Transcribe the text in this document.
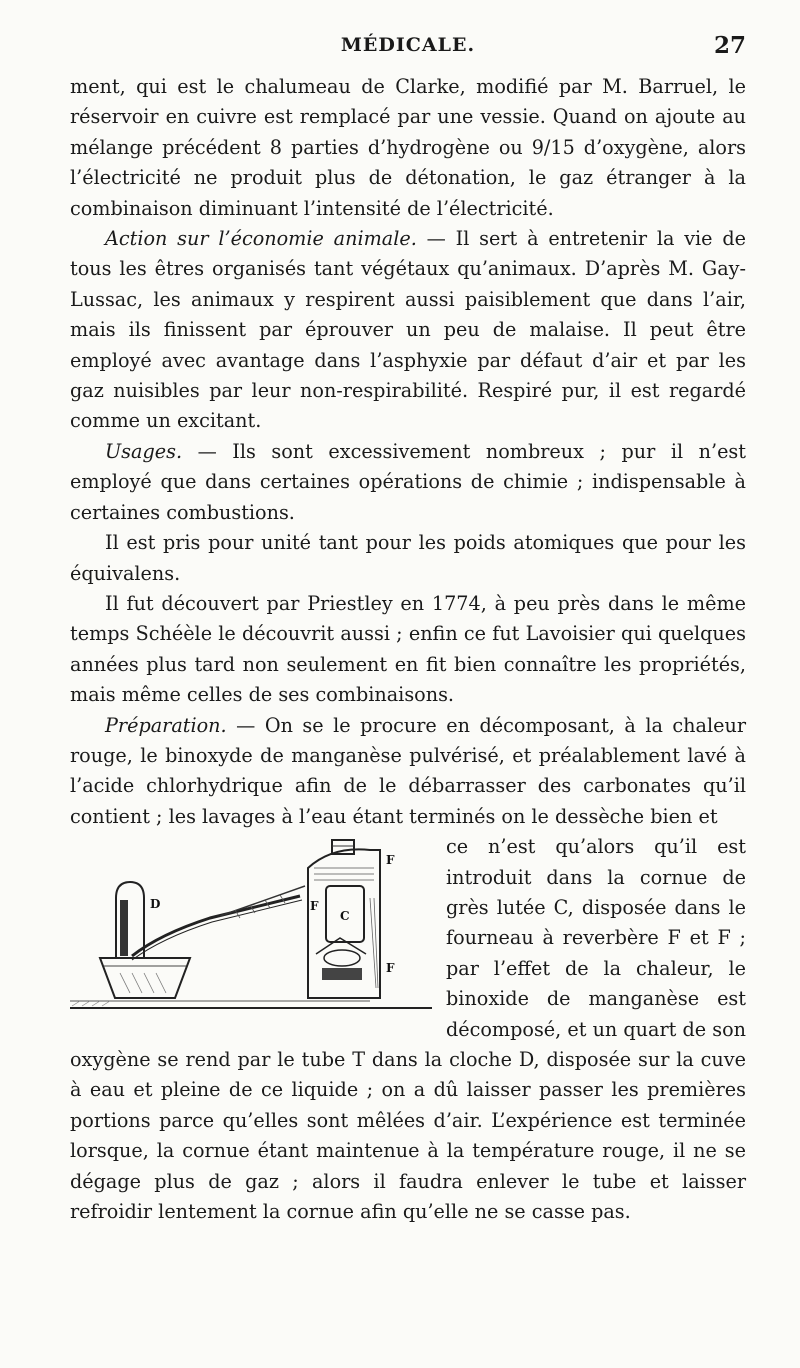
MÉDICALE.	27

ment, qui est le chalumeau de Clarke, modifié par M. Barruel, le réservoir en cuivre est remplacé par une vessie. Quand on ajoute au mélange précédent 8 parties d’hydrogène ou 9/15 d’oxygène, alors l’électricité ne produit plus de détonation, le gaz étranger à la combinaison diminuant l’intensité de l’électricité.

Action sur l’économie animale. — Il sert à entretenir la vie de tous les êtres organisés tant végétaux qu’animaux. D’après M. Gay-Lussac, les animaux y respirent aussi paisiblement que dans l’air, mais ils finissent par éprouver un peu de malaise. Il peut être employé avec avantage dans l’asphyxie par défaut d’air et par les gaz nuisibles par leur non-respirabilité. Respiré pur, il est regardé comme un excitant.

Usages. — Ils sont excessivement nombreux ; pur il n’est employé que dans certaines opérations de chimie ; indispensable à certaines combustions.

Il est pris pour unité tant pour les poids atomiques que pour les équivalens.

Il fut découvert par Priestley en 1774, à peu près dans le même temps Schéèle le découvrit aussi ; enfin ce fut Lavoisier qui quelques années plus tard non seulement en fit bien connaître les propriétés, mais même celles de ses combinaisons.

Préparation. — On se le procure en décomposant, à la chaleur rouge, le binoxyde de manganèse pulvérisé, et préalablement lavé à l’acide chlorhydrique afin de le débarrasser des carbonates qu’il contient ; les lavages à l’eau étant terminés on le dessèche bien et

D
F
C
F
F

ce n’est qu’alors qu’il est introduit dans la cornue de grès lutée C, disposée dans le fourneau à reverbère F et F ; par l’effet de la chaleur, le binoxide de manganèse est décomposé, et un quart de son oxygène se rend par le tube T dans la cloche D, disposée sur la cuve à eau et pleine de ce liquide ; on a dû laisser passer les premières portions parce qu’elles sont mêlées d’air. L’expérience est terminée lorsque, la cornue étant maintenue à la température rouge, il ne se dégage plus de gaz ; alors il faudra enlever le tube et laisser refroidir lentement la cornue afin qu’elle ne se casse pas.
